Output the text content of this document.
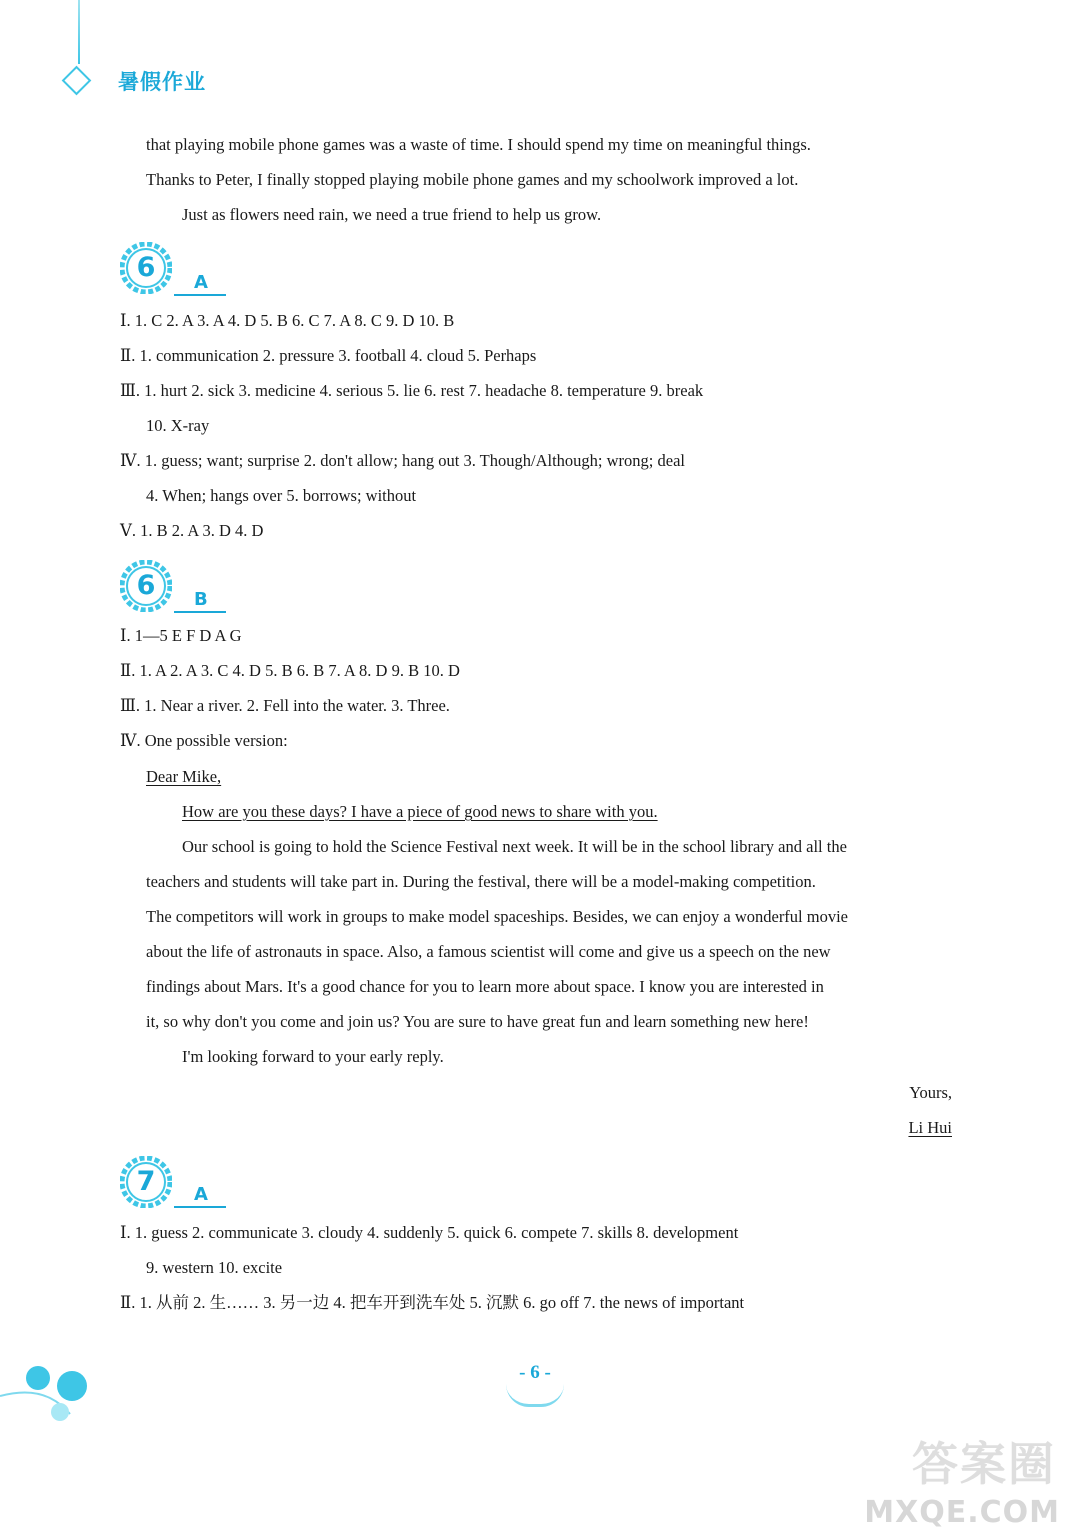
暑假作业
that playing mobile phone games was a waste of time. I should spend my time on meaningful things.
Thanks to Peter, I finally stopped playing mobile phone games and my schoolwork improved a lot.
Just as flowers need rain, we need a true friend to help us grow.
6	A
Ⅰ. 1. C 2. A 3. A 4. D 5. B 6. C 7. A 8. C 9. D 10. B
Ⅱ. 1. communication 2. pressure 3. football 4. cloud 5. Perhaps
Ⅲ. 1. hurt 2. sick 3. medicine 4. serious 5. lie 6. rest 7. headache 8. temperature 9. break
10. X-ray
Ⅳ. 1. guess; want; surprise 2. don't allow; hang out 3. Though/Although; wrong; deal
4. When; hangs over 5. borrows; without
Ⅴ. 1. B 2. A 3. D 4. D
6	B
Ⅰ. 1—5 E F D A G
Ⅱ. 1. A 2. A 3. C 4. D 5. B 6. B 7. A 8. D 9. B 10. D
Ⅲ. 1. Near a river. 2. Fell into the water. 3. Three.
Ⅳ. One possible version:
Dear Mike,
How are you these days? I have a piece of good news to share with you.
Our school is going to hold the Science Festival next week. It will be in the school library and all the
teachers and students will take part in. During the festival, there will be a model-making competition.
The competitors will work in groups to make model spaceships. Besides, we can enjoy a wonderful movie
about the life of astronauts in space. Also, a famous scientist will come and give us a speech on the new
findings about Mars. It's a good chance for you to learn more about space. I know you are interested in
it, so why don't you come and join us? You are sure to have great fun and learn something new here!
I'm looking forward to your early reply.
Yours,
Li Hui
7	A
Ⅰ. 1. guess 2. communicate 3. cloudy 4. suddenly 5. quick 6. compete 7. skills 8. development
9. western 10. excite
Ⅱ. 1. 从前 2. 生…… 3. 另一边 4. 把车开到洗车处 5. 沉默 6. go off 7. the news of important
- 6 -
答案圈
MXQE.COM
